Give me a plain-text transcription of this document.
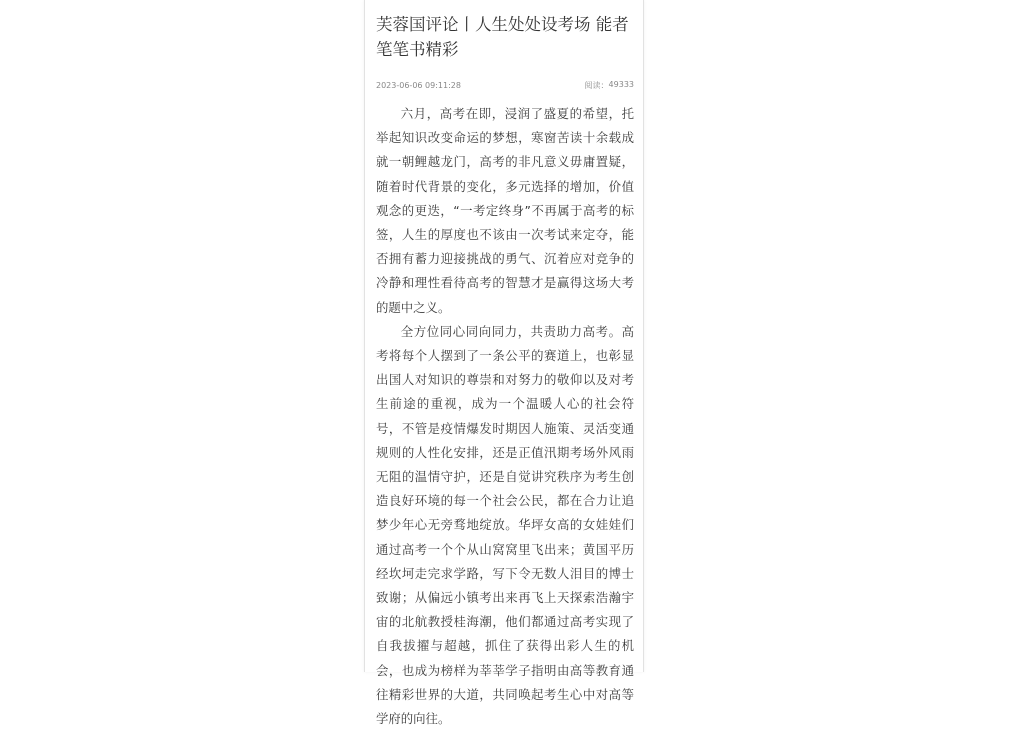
芙蓉国评论丨人生处处设考场 能者笔笔书精彩
2023-06-06 09:11:28	阅读： 49333

六月，高考在即，浸润了盛夏的希望，托举起知识改变命运的梦想，寒窗苦读十余载成就一朝鲤越龙门，高考的非凡意义毋庸置疑，随着时代背景的变化，多元选择的增加，价值观念的更迭，“一考定终身”不再属于高考的标签，人生的厚度也不该由一次考试来定夺，能否拥有蓄力迎接挑战的勇气、沉着应对竞争的冷静和理性看待高考的智慧才是赢得这场大考的题中之义。

全方位同心同向同力，共责助力高考。高考将每个人摆到了一条公平的赛道上，也彰显出国人对知识的尊崇和对努力的敬仰以及对考生前途的重视，成为一个温暖人心的社会符号，不管是疫情爆发时期因人施策、灵活变通规则的人性化安排，还是正值汛期考场外风雨无阻的温情守护，还是自觉讲究秩序为考生创造良好环境的每一个社会公民，都在合力让追梦少年心无旁骛地绽放。华坪女高的女娃娃们通过高考一个个从山窝窝里飞出来；黄国平历经坎坷走完求学路，写下令无数人泪目的博士致谢；从偏远小镇考出来再飞上天探索浩瀚宇宙的北航教授桂海潮，他们都通过高考实现了自我拔擢与超越，抓住了获得出彩人生的机会，也成为榜样为莘莘学子指明由高等教育通往精彩世界的大道，共同唤起考生心中对高等学府的向往。
